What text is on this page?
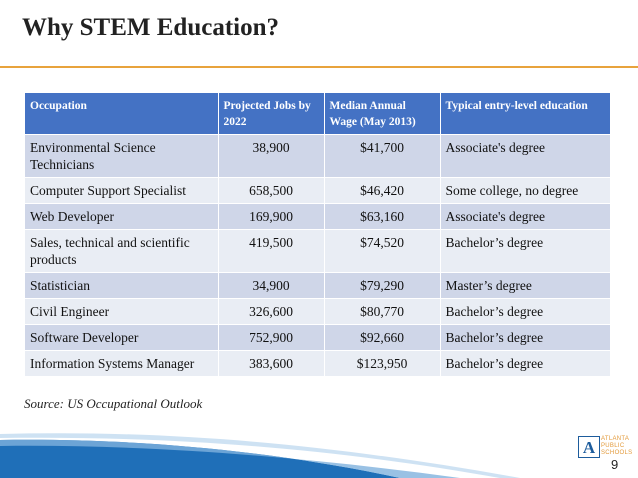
Why STEM Education?
Occupation	Projected Jobs by 2022	Median Annual Wage (May 2013)	Typical entry-level education
Environmental Science Technicians	38,900	$41,700	Associate's degree
Computer Support Specialist	658,500	$46,420	Some college, no degree
Web Developer	169,900	$63,160	Associate's degree
Sales, technical and scientific products	419,500	$74,520	Bachelor’s degree
Statistician	34,900	$79,290	Master’s degree
Civil Engineer	326,600	$80,770	Bachelor’s degree
Software Developer	752,900	$92,660	Bachelor’s degree
Information Systems Manager	383,600	$123,950	Bachelor’s degree
Source: US Occupational Outlook
A ATLANTA
PUBLIC
SCHOOLS
9
